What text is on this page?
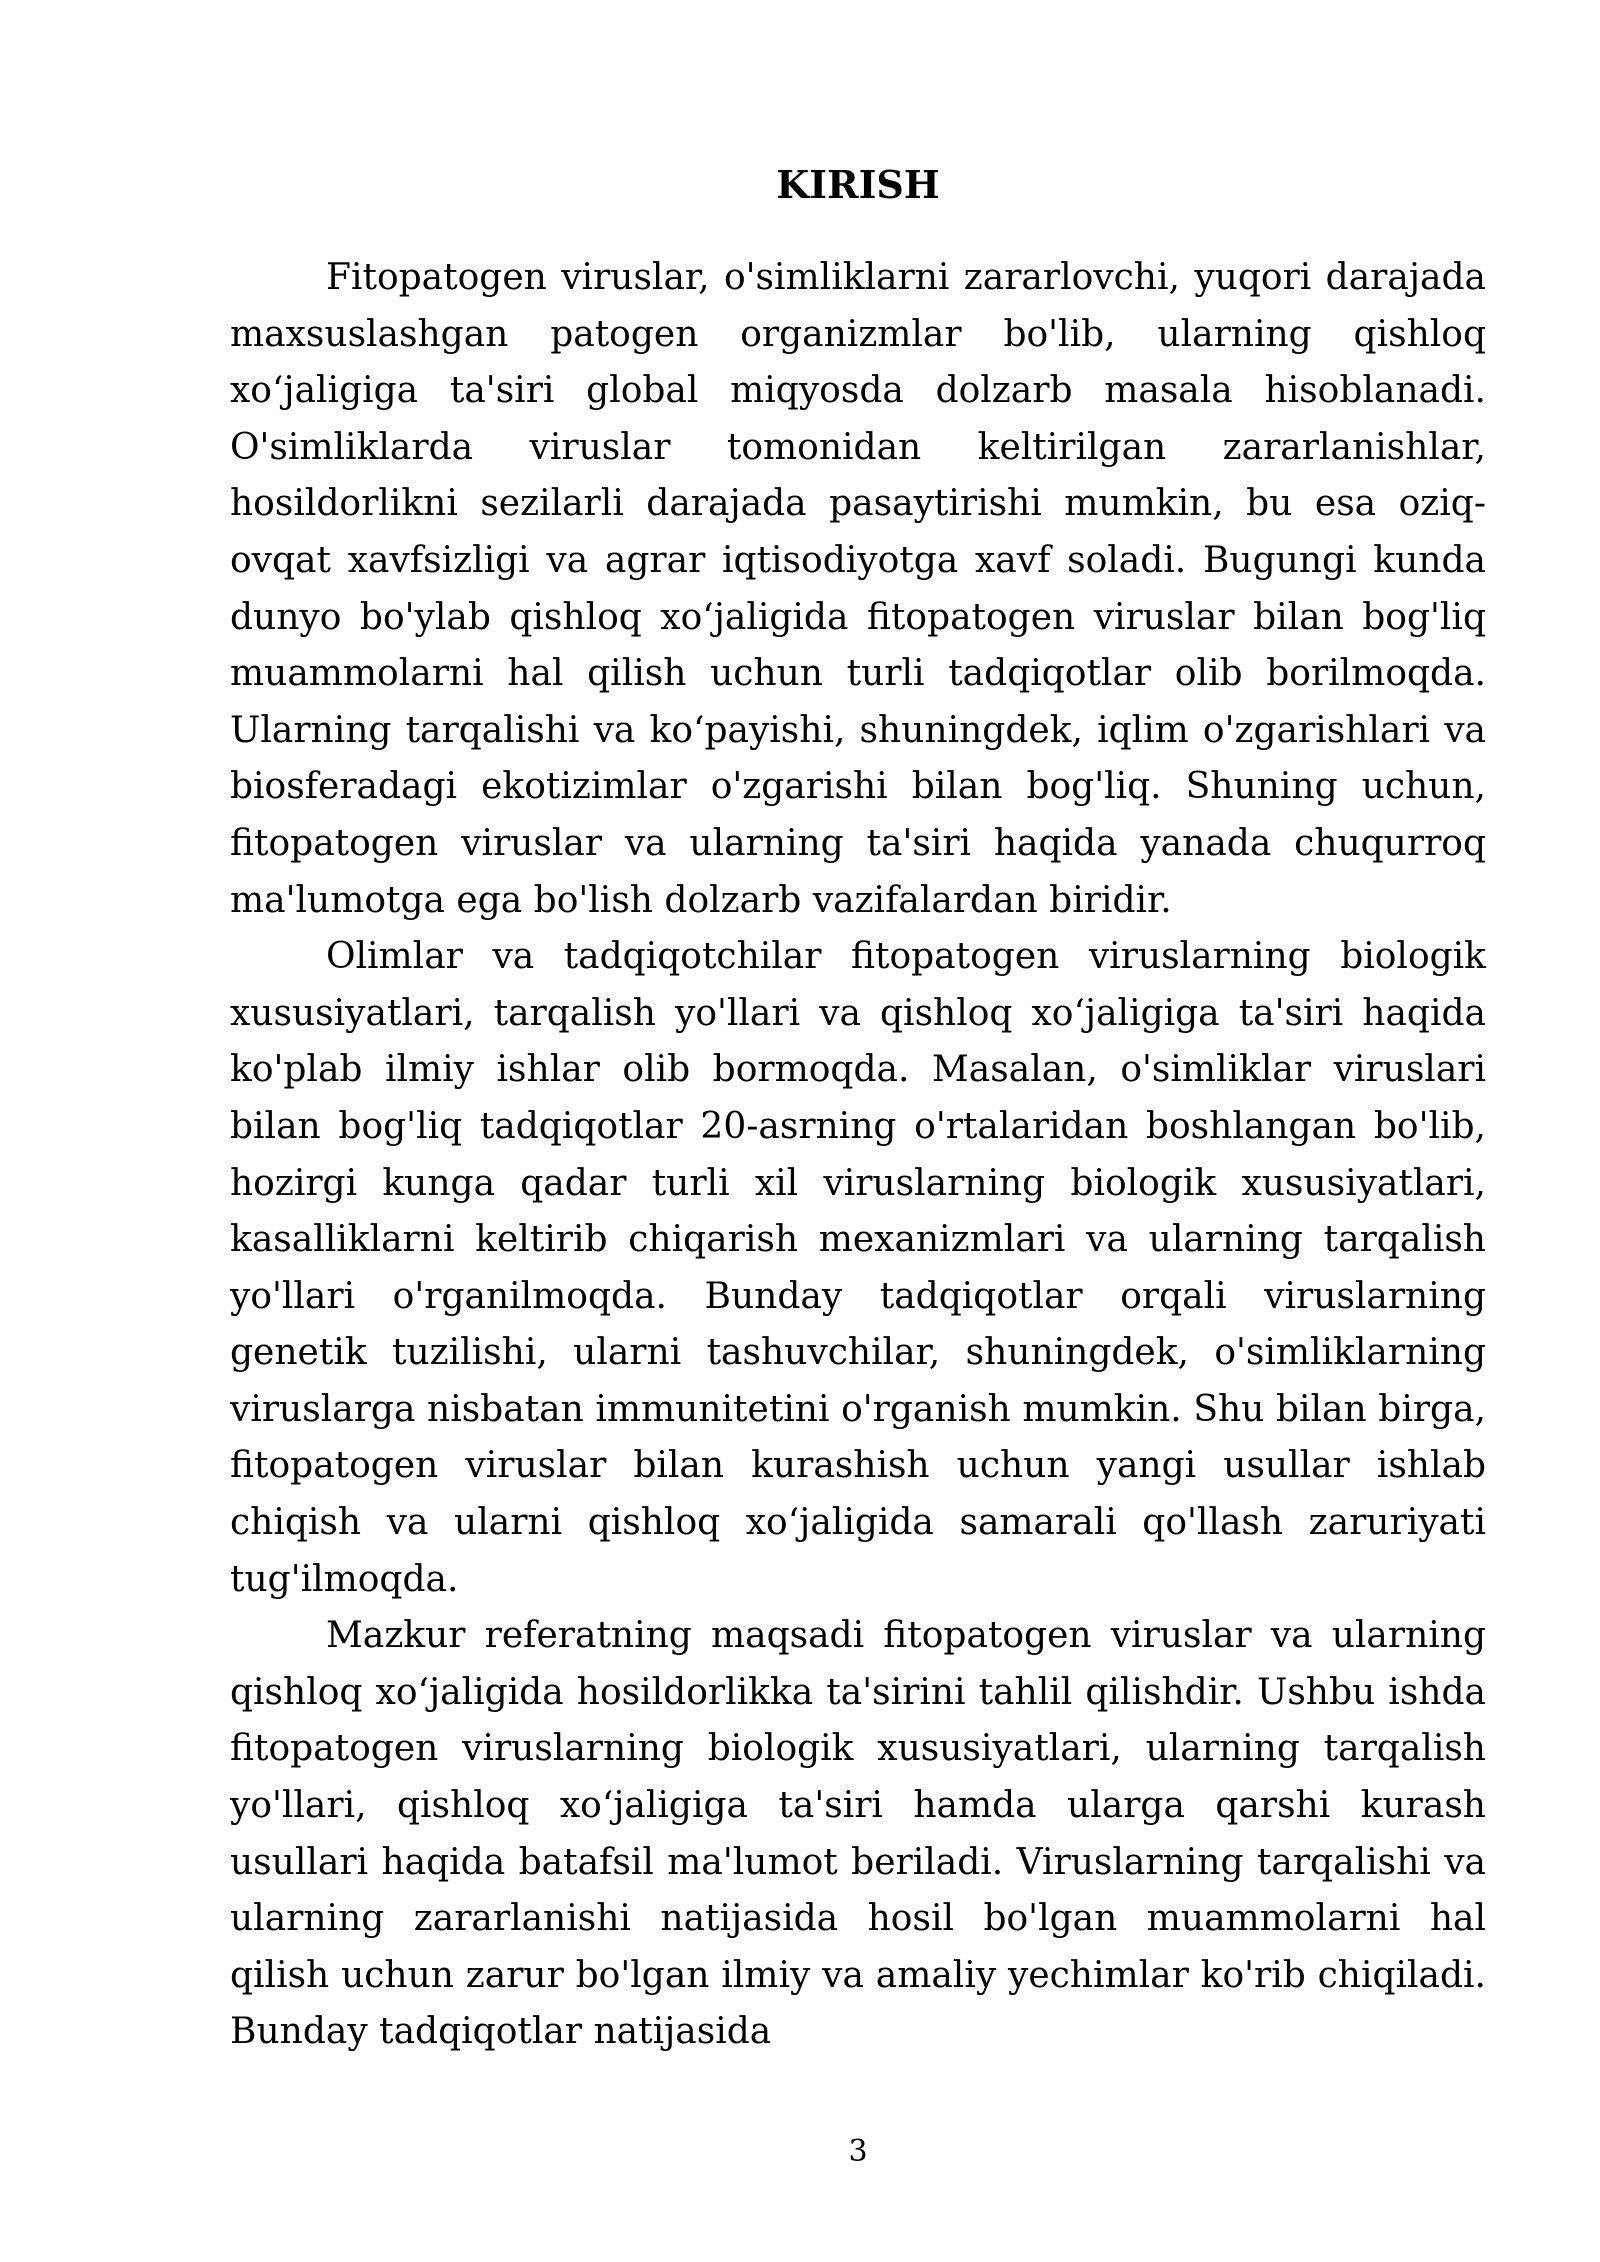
KIRISH

Fitopatogen viruslar, o'simliklarni zararlovchi, yuqori darajada maxsuslashgan patogen organizmlar bo'lib, ularning qishloq xo‘jaligiga ta'siri global miqyosda dolzarb masala hisoblanadi. O'simliklarda viruslar tomonidan keltirilgan zararlanishlar, hosildorlikni sezilarli darajada pasaytirishi mumkin, bu esa oziq-ovqat xavfsizligi va agrar iqtisodiyotga xavf soladi. Bugungi kunda dunyo bo'ylab qishloq xo‘jaligida fitopatogen viruslar bilan bog'liq muammolarni hal qilish uchun turli tadqiqotlar olib borilmoqda. Ularning tarqalishi va ko‘payishi, shuningdek, iqlim o'zgarishlari va biosferadagi ekotizimlar o'zgarishi bilan bog'liq. Shuning uchun, fitopatogen viruslar va ularning ta'siri haqida yanada chuqurroq ma'lumotga ega bo'lish dolzarb vazifalardan biridir.

Olimlar va tadqiqotchilar fitopatogen viruslarning biologik xususiyatlari, tarqalish yo'llari va qishloq xo‘jaligiga ta'siri haqida ko'plab ilmiy ishlar olib bormoqda. Masalan, o'simliklar viruslari bilan bog'liq tadqiqotlar 20-asrning o'rtalaridan boshlangan bo'lib, hozirgi kunga qadar turli xil viruslarning biologik xususiyatlari, kasalliklarni keltirib chiqarish mexanizmlari va ularning tarqalish yo'llari o'rganilmoqda. Bunday tadqiqotlar orqali viruslarning genetik tuzilishi, ularni tashuvchilar, shuningdek, o'simliklarning viruslarga nisbatan immunitetini o'rganish mumkin. Shu bilan birga, fitopatogen viruslar bilan kurashish uchun yangi usullar ishlab chiqish va ularni qishloq xo‘jaligida samarali qo'llash zaruriyati tug'ilmoqda.

Mazkur referatning maqsadi fitopatogen viruslar va ularning qishloq xo‘jaligida hosildorlikka ta'sirini tahlil qilishdir. Ushbu ishda fitopatogen viruslarning biologik xususiyatlari, ularning tarqalish yo'llari, qishloq xo‘jaligiga ta'siri hamda ularga qarshi kurash usullari haqida batafsil ma'lumot beriladi. Viruslarning tarqalishi va ularning zararlanishi natijasida hosil bo'lgan muammolarni hal qilish uchun zarur bo'lgan ilmiy va amaliy yechimlar ko'rib chiqiladi. Bunday tadqiqotlar natijasida

3
